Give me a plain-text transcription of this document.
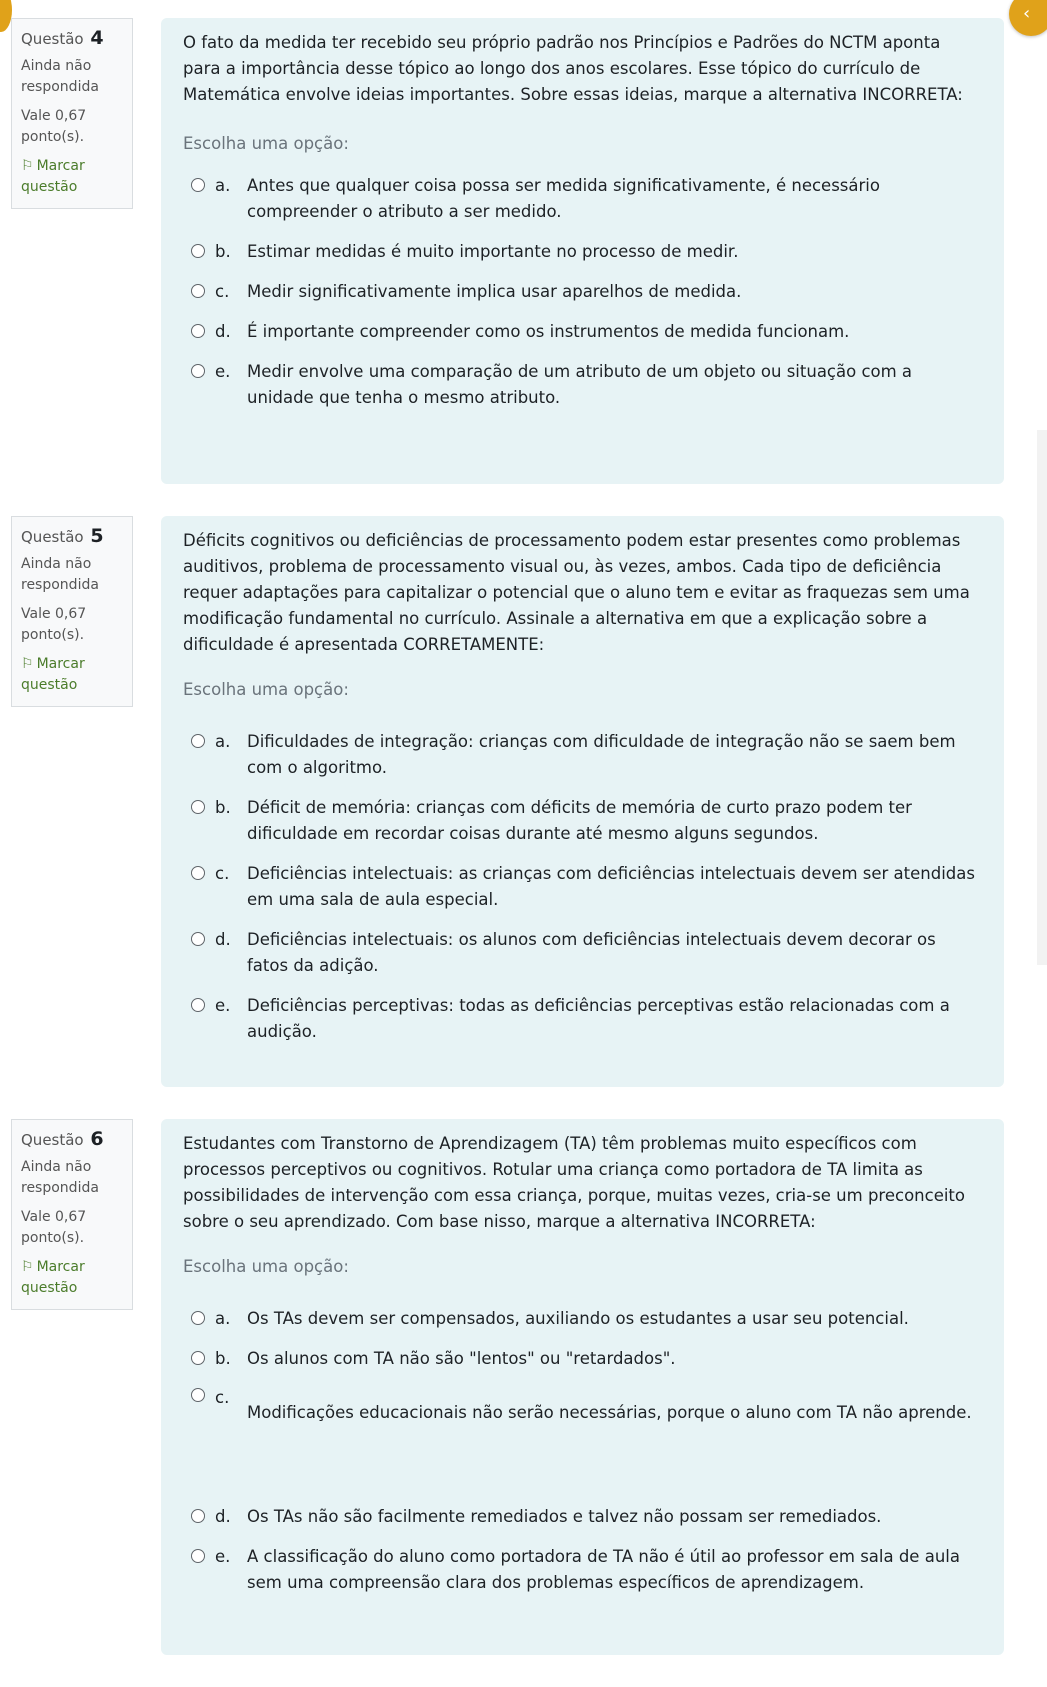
‹
Questão 4
Ainda não respondida
Vale 0,67 ponto(s).
⚐ Marcar questão

O fato da medida ter recebido seu próprio padrão nos Princípios e Padrões do NCTM aponta para a importância desse tópico ao longo dos anos escolares. Esse tópico do currículo de Matemática envolve ideias importantes. Sobre essas ideias, marque a alternativa INCORRETA:

Escolha uma opção:
a. Antes que qualquer coisa possa ser medida significativamente, é necessário compreender o atributo a ser medido.
b. Estimar medidas é muito importante no processo de medir.
c. Medir significativamente implica usar aparelhos de medida.
d. É importante compreender como os instrumentos de medida funcionam.
e. Medir envolve uma comparação de um atributo de um objeto ou situação com a unidade que tenha o mesmo atributo.
Questão 5
Ainda não respondida
Vale 0,67 ponto(s).
⚐ Marcar questão

Déficits cognitivos ou deficiências de processamento podem estar presentes como problemas auditivos, problema de processamento visual ou, às vezes, ambos. Cada tipo de deficiência requer adaptações para capitalizar o potencial que o aluno tem e evitar as fraquezas sem uma modificação fundamental no currículo. Assinale a alternativa em que a explicação sobre a dificuldade é apresentada CORRETAMENTE:

Escolha uma opção:
a. Dificuldades de integração: crianças com dificuldade de integração não se saem bem com o algoritmo.
b. Déficit de memória: crianças com déficits de memória de curto prazo podem ter dificuldade em recordar coisas durante até mesmo alguns segundos.
c. Deficiências intelectuais: as crianças com deficiências intelectuais devem ser atendidas em uma sala de aula especial.
d. Deficiências intelectuais: os alunos com deficiências intelectuais devem decorar os fatos da adição.
e. Deficiências perceptivas: todas as deficiências perceptivas estão relacionadas com a audição.
Questão 6
Ainda não respondida
Vale 0,67 ponto(s).
⚐ Marcar questão

Estudantes com Transtorno de Aprendizagem (TA) têm problemas muito específicos com processos perceptivos ou cognitivos. Rotular uma criança como portadora de TA limita as possibilidades de intervenção com essa criança, porque, muitas vezes, cria-se um preconceito sobre o seu aprendizado. Com base nisso, marque a alternativa INCORRETA:

Escolha uma opção:
a. Os TAs devem ser compensados, auxiliando os estudantes a usar seu potencial.
b. Os alunos com TA não são "lentos" ou "retardados".
c.
Modificações educacionais não serão necessárias, porque o aluno com TA não aprende.
d. Os TAs não são facilmente remediados e talvez não possam ser remediados.
e. A classificação do aluno como portadora de TA não é útil ao professor em sala de aula sem uma compreensão clara dos problemas específicos de aprendizagem.
